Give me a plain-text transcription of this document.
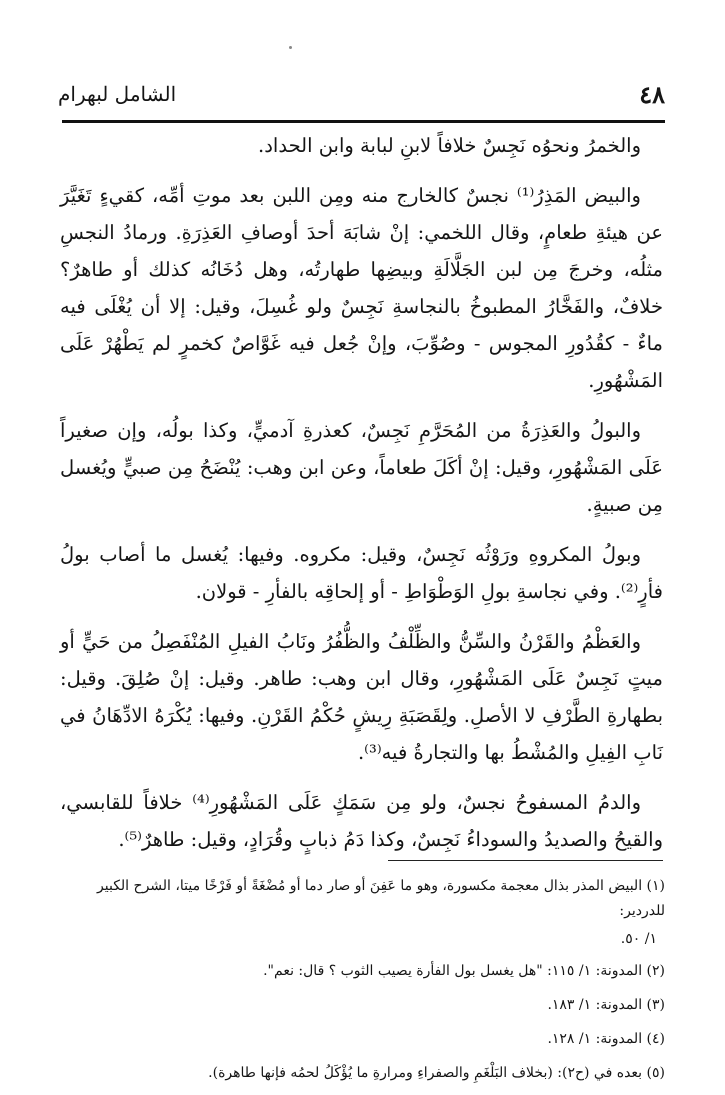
٤٨
الشامل لبهرام

والخمرُ ونحوُه نَجِسٌ خلافاً لابنِ لبابة وابن الحداد.

والبيض المَذِرُ⁽¹⁾ نجسٌ كالخارج منه ومِن اللبن بعد موتِ أمِّه، كقيءٍ تَغَيَّرَ عن هيئةِ طعامٍ، وقال اللخمي: إنْ شابَهَ أحدَ أوصافِ العَذِرَةِ. ورمادُ النجسِ مثلُه، وخرجَ مِن لبن الجَلَّالَةِ وبيضِها طهارتُه، وهل دُخَانُه كذلك أو طاهرٌ؟ خلافٌ، والفَخَّارُ المطبوخُ بالنجاسةِ نَجِسٌ ولو غُسِلَ، وقيل: إلا أن يُغْلَى فيه ماءٌ - كقُدُورِ المجوس - وصُوِّبَ، وإنْ جُعل فيه غَوَّاصٌ كخمرٍ لم يَطْهُرْ عَلَى المَشْهُورِ.

والبولُ والعَذِرَةُ من المُحَرَّمِ نَجِسٌ، كعذرةِ آدميٍّ، وكذا بولُه، وإن صغيراً عَلَى المَشْهُورِ، وقيل: إنْ أكَلَ طعاماً، وعن ابن وهب: يُنْضَحُ مِن صبيٍّ ويُغسل مِن صبيةٍ.

وبولُ المكروهِ ورَوْثُه نَجِسٌ، وقيل: مكروه. وفيها: يُغسل ما أصاب بولُ فأرٍ⁽²⁾. وفي نجاسةِ بولِ الوَطْوَاطِ - أو إلحاقِه بالفأرِ - قولان.

والعَظْمُ والقَرْنُ والسِّنُّ والظِّلْفُ والظُّفُرُ ونَابُ الفيلِ المُنْفَصِلُ من حَيٍّ أو ميتٍ نَجِسٌ عَلَى المَشْهُورِ، وقال ابن وهب: طاهر. وقيل: إنْ صُلِقَ. وقيل: بطهارةِ الطَّرْفِ لا الأصلِ. ولِقَصَبَةِ رِيشٍ حُكْمُ القَرْنِ. وفيها: يُكْرَهُ الادِّهَانُ في نَابِ الفِيلِ والمُشْطُ بها والتجارةُ فيه⁽³⁾.

والدمُ المسفوحُ نجسٌ، ولو مِن سَمَكٍ عَلَى المَشْهُورِ⁽⁴⁾ خلافاً للقابسي، والقيحُ والصديدُ والسوداءُ نَجِسٌ، وكذا دَمُ ذبابٍ وقُرَادٍ، وقيل: طاهرٌ⁽⁵⁾.

(١) البيض المذر بذال معجمة مكسورة، وهو ما عَفِنَ أو صار دما أو مُضْغَةً أو فَرْخًا ميتا، الشرح الكبير للدردير:

١/ ٥٠.

(٢) المدونة: ١/ ١١٥: "هل يغسل بول الفأرة يصيب الثوب ؟ قال: نعم".

(٣) المدونة: ١/ ١٨٣.

(٤) المدونة: ١/ ١٢٨.

(٥) بعده في (ح٢): (بخلاف البَلْغَمِ والصفراءِ ومرارةِ ما يُؤْكَلُ لحمُه فإنها طاهرة).
